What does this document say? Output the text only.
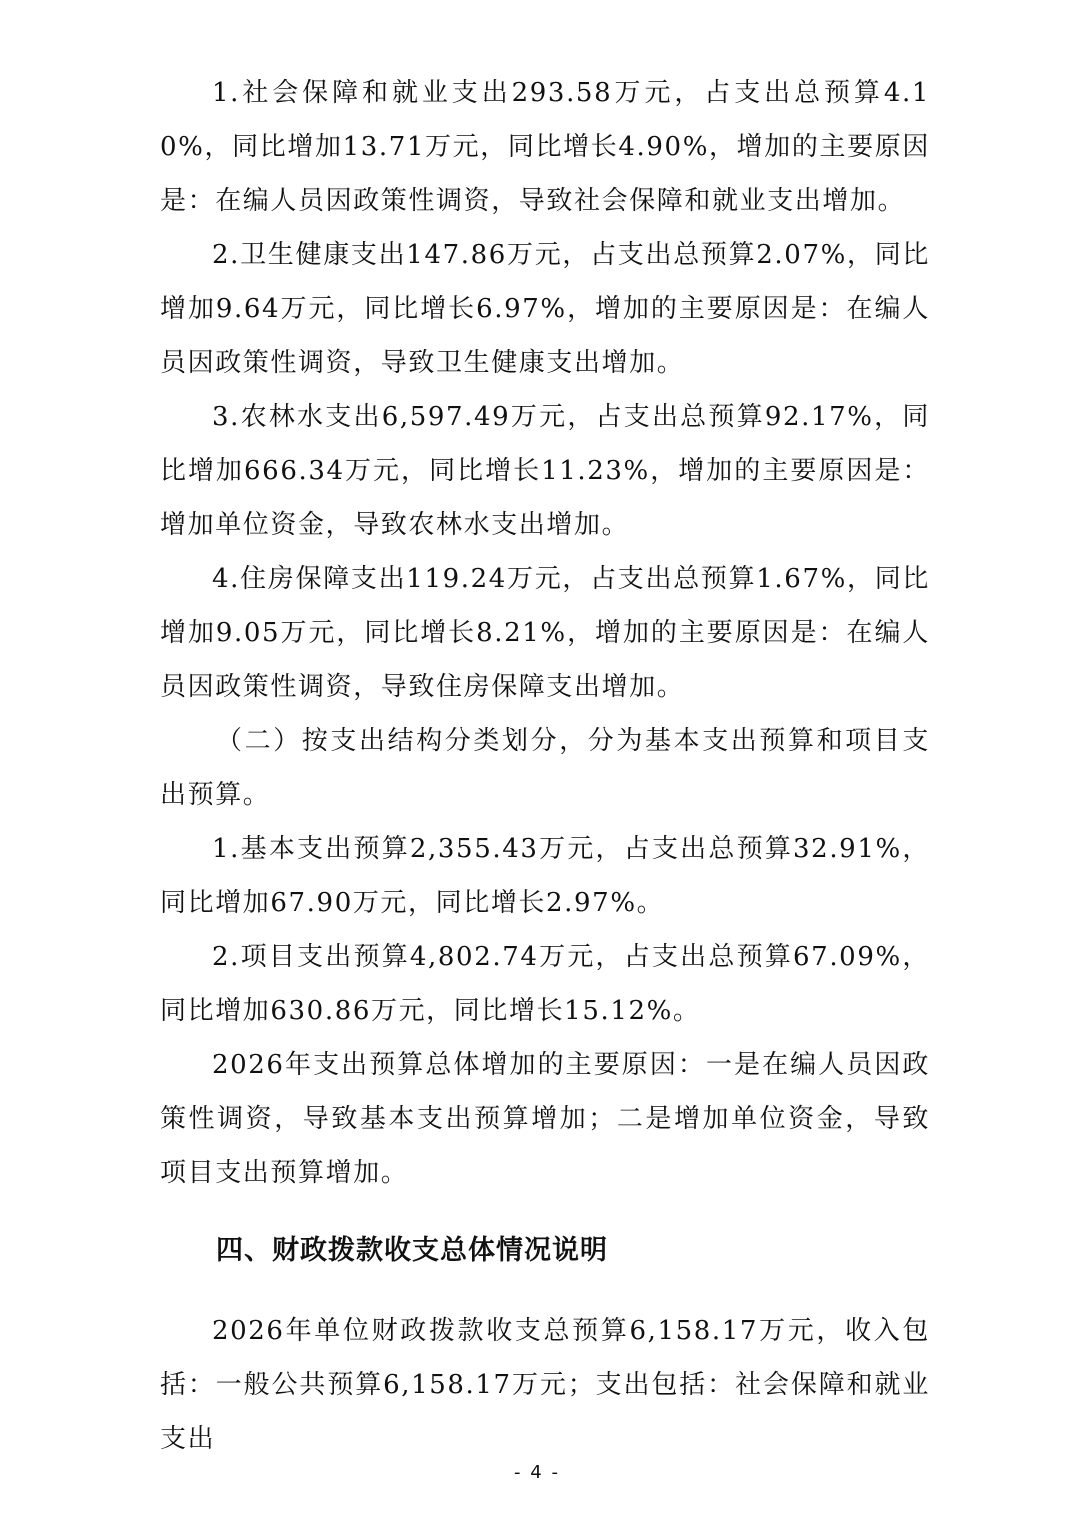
1.社会保障和就业支出293.58万元，占支出总预算4.10%，同比增加13.71万元，同比增长4.90%，增加的主要原因是：在编人员因政策性调资，导致社会保障和就业支出增加。

2.卫生健康支出147.86万元，占支出总预算2.07%，同比增加9.64万元，同比增长6.97%，增加的主要原因是：在编人员因政策性调资，导致卫生健康支出增加。

3.农林水支出6,597.49万元，占支出总预算92.17%，同比增加666.34万元，同比增长11.23%，增加的主要原因是：增加单位资金，导致农林水支出增加。

4.住房保障支出119.24万元，占支出总预算1.67%，同比增加9.05万元，同比增长8.21%，增加的主要原因是：在编人员因政策性调资，导致住房保障支出增加。

（二）按支出结构分类划分，分为基本支出预算和项目支出预算。

1.基本支出预算2,355.43万元，占支出总预算32.91%，同比增加67.90万元，同比增长2.97%。

2.项目支出预算4,802.74万元，占支出总预算67.09%，同比增加630.86万元，同比增长15.12%。

2026年支出预算总体增加的主要原因：一是在编人员因政策性调资，导致基本支出预算增加；二是增加单位资金，导致项目支出预算增加。

四、财政拨款收支总体情况说明

2026年单位财政拨款收支总预算6,158.17万元，收入包括：一般公共预算6,158.17万元；支出包括：社会保障和就业支出

- 4 -
